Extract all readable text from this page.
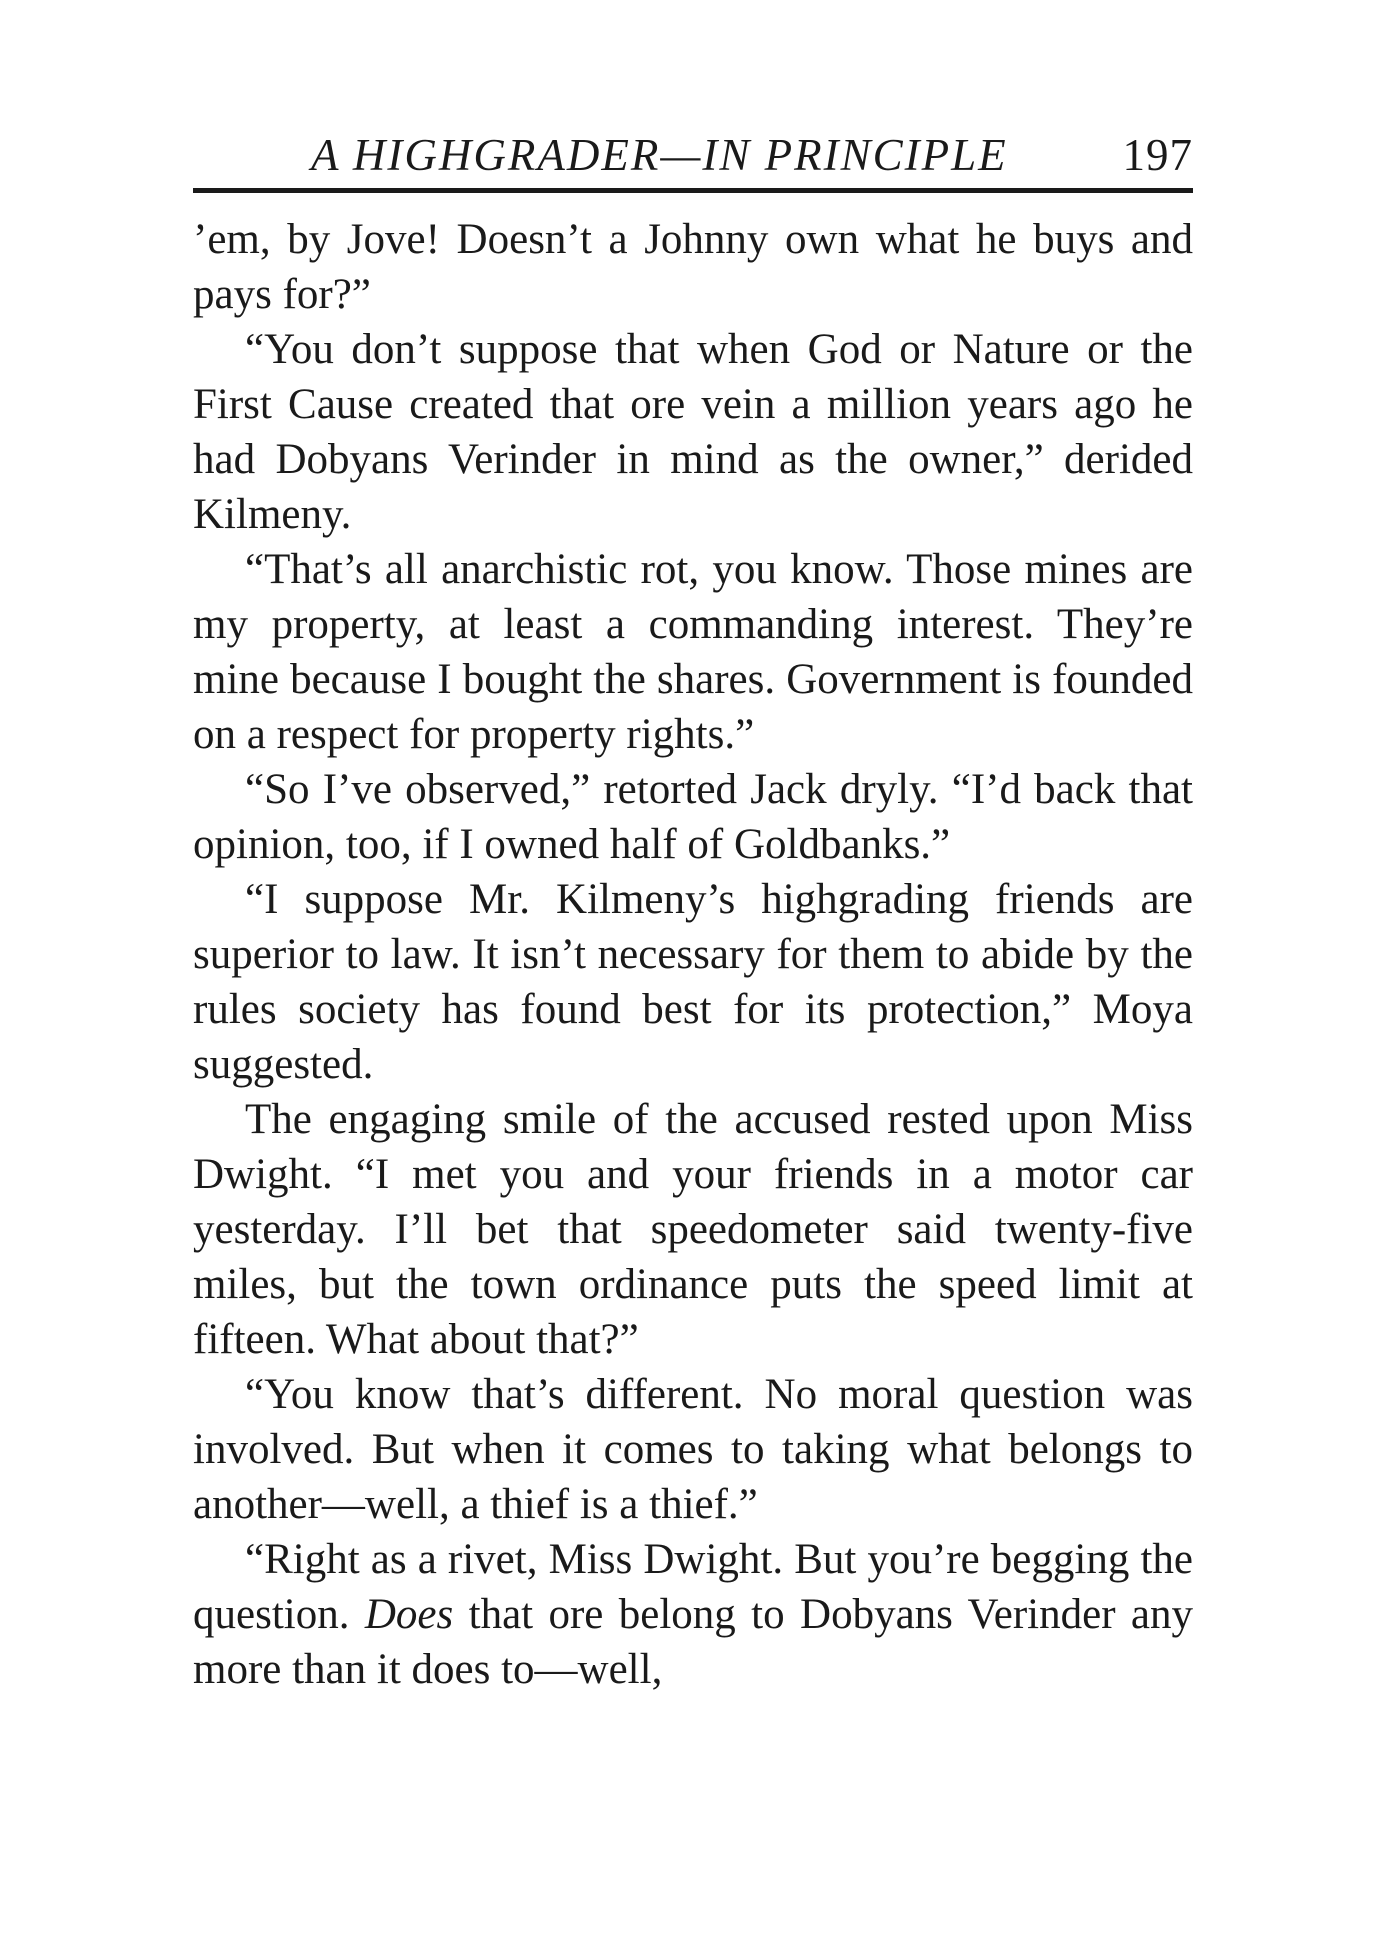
A HIGHGRADER—IN PRINCIPLE	197

’em, by Jove! Doesn’t a Johnny own what he buys and pays for?”

“You don’t suppose that when God or Nature or the First Cause created that ore vein a million years ago he had Dobyans Verinder in mind as the owner,” derided Kilmeny.

“That’s all anarchistic rot, you know. Those mines are my property, at least a commanding interest. They’re mine because I bought the shares. Government is founded on a respect for property rights.”

“So I’ve observed,” retorted Jack dryly. “I’d back that opinion, too, if I owned half of Goldbanks.”

“I suppose Mr. Kilmeny’s highgrading friends are superior to law. It isn’t necessary for them to abide by the rules society has found best for its protection,” Moya suggested.

The engaging smile of the accused rested upon Miss Dwight. “I met you and your friends in a motor car yesterday. I’ll bet that speedometer said twenty-five miles, but the town ordinance puts the speed limit at fifteen. What about that?”

“You know that’s different. No moral question was involved. But when it comes to taking what belongs to another—well, a thief is a thief.”

“Right as a rivet, Miss Dwight. But you’re begging the question. Does that ore belong to Dobyans Verinder any more than it does to—well,
